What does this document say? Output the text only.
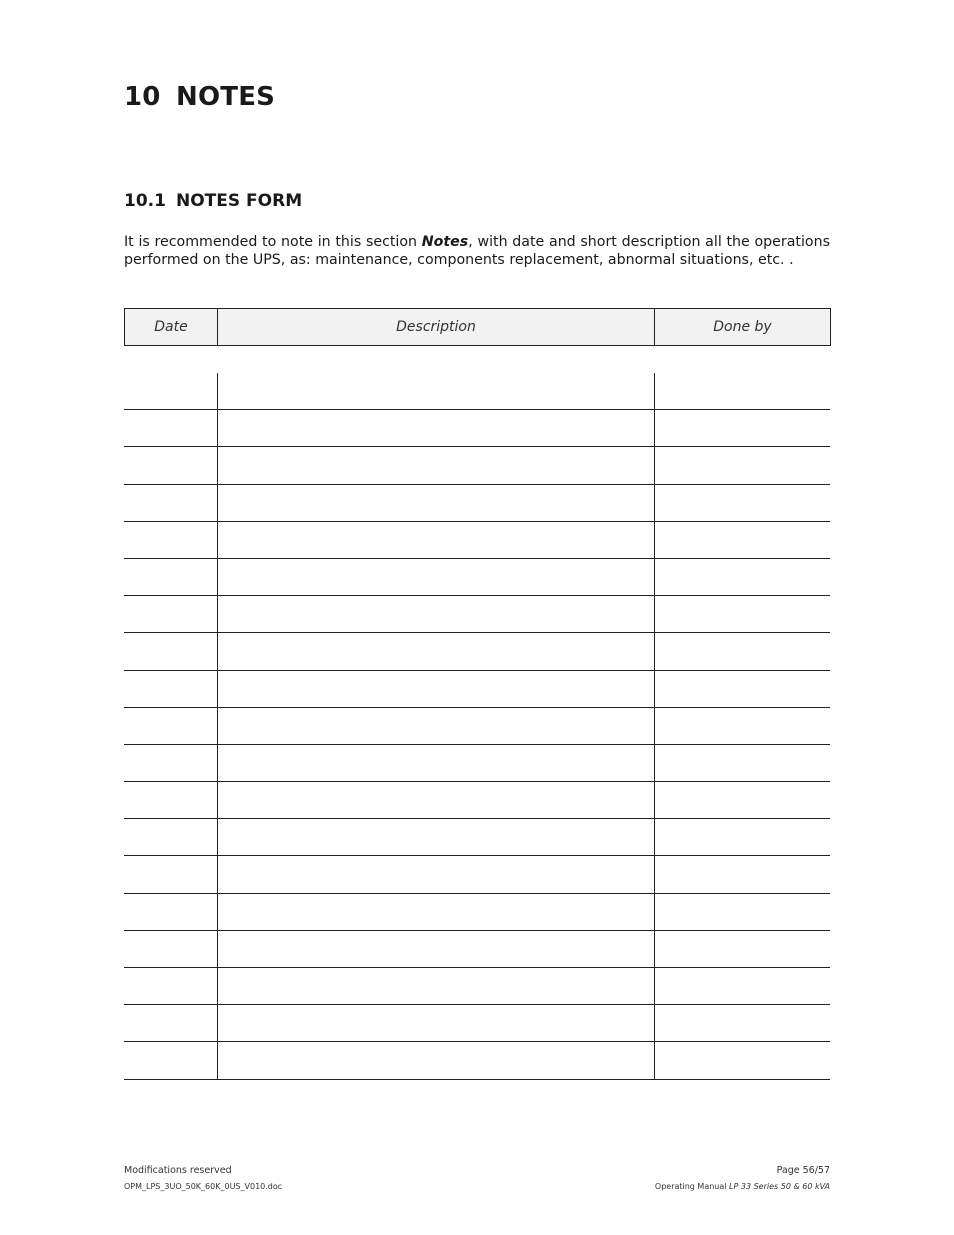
10 NOTES
10.1 NOTES FORM

It is recommended to note in this section Notes, with date and short description all the operations performed on the UPS, as: maintenance, components replacement, abnormal situations, etc. .

Date	Description	Done by
Modifications reserved	Page 56/57
OPM_LPS_3UO_50K_60K_0US_V010.doc	Operating Manual LP 33 Series 50 & 60 kVA
